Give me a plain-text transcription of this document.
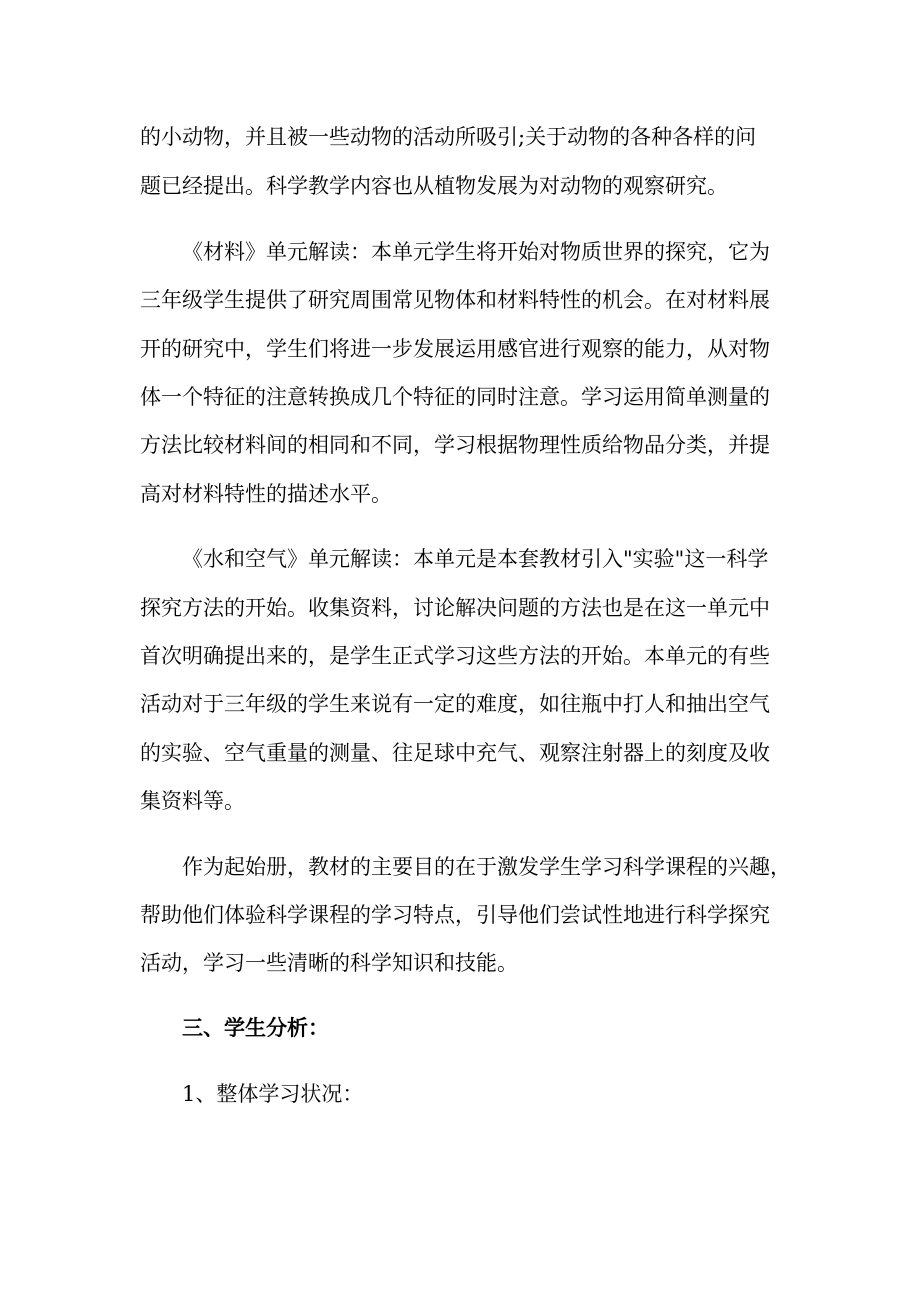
的小动物，并且被一些动物的活动所吸引;关于动物的各种各样的问

题已经提出。科学教学内容也从植物发展为对动物的观察研究。

《材料》单元解读：本单元学生将开始对物质世界的探究，它为

三年级学生提供了研究周围常见物体和材料特性的机会。在对材料展

开的研究中，学生们将进一步发展运用感官进行观察的能力，从对物

体一个特征的注意转换成几个特征的同时注意。学习运用简单测量的

方法比较材料间的相同和不同，学习根据物理性质给物品分类，并提

高对材料特性的描述水平。

《水和空气》单元解读：本单元是本套教材引入"实验"这一科学

探究方法的开始。收集资料，讨论解决问题的方法也是在这一单元中

首次明确提出来的，是学生正式学习这些方法的开始。本单元的有些

活动对于三年级的学生来说有一定的难度，如往瓶中打人和抽出空气

的实验、空气重量的测量、往足球中充气、观察注射器上的刻度及收

集资料等。

作为起始册，教材的主要目的在于激发学生学习科学课程的兴趣，

帮助他们体验科学课程的学习特点，引导他们尝试性地进行科学探究

活动，学习一些清晰的科学知识和技能。

三、学生分析：
1、整体学习状况：
